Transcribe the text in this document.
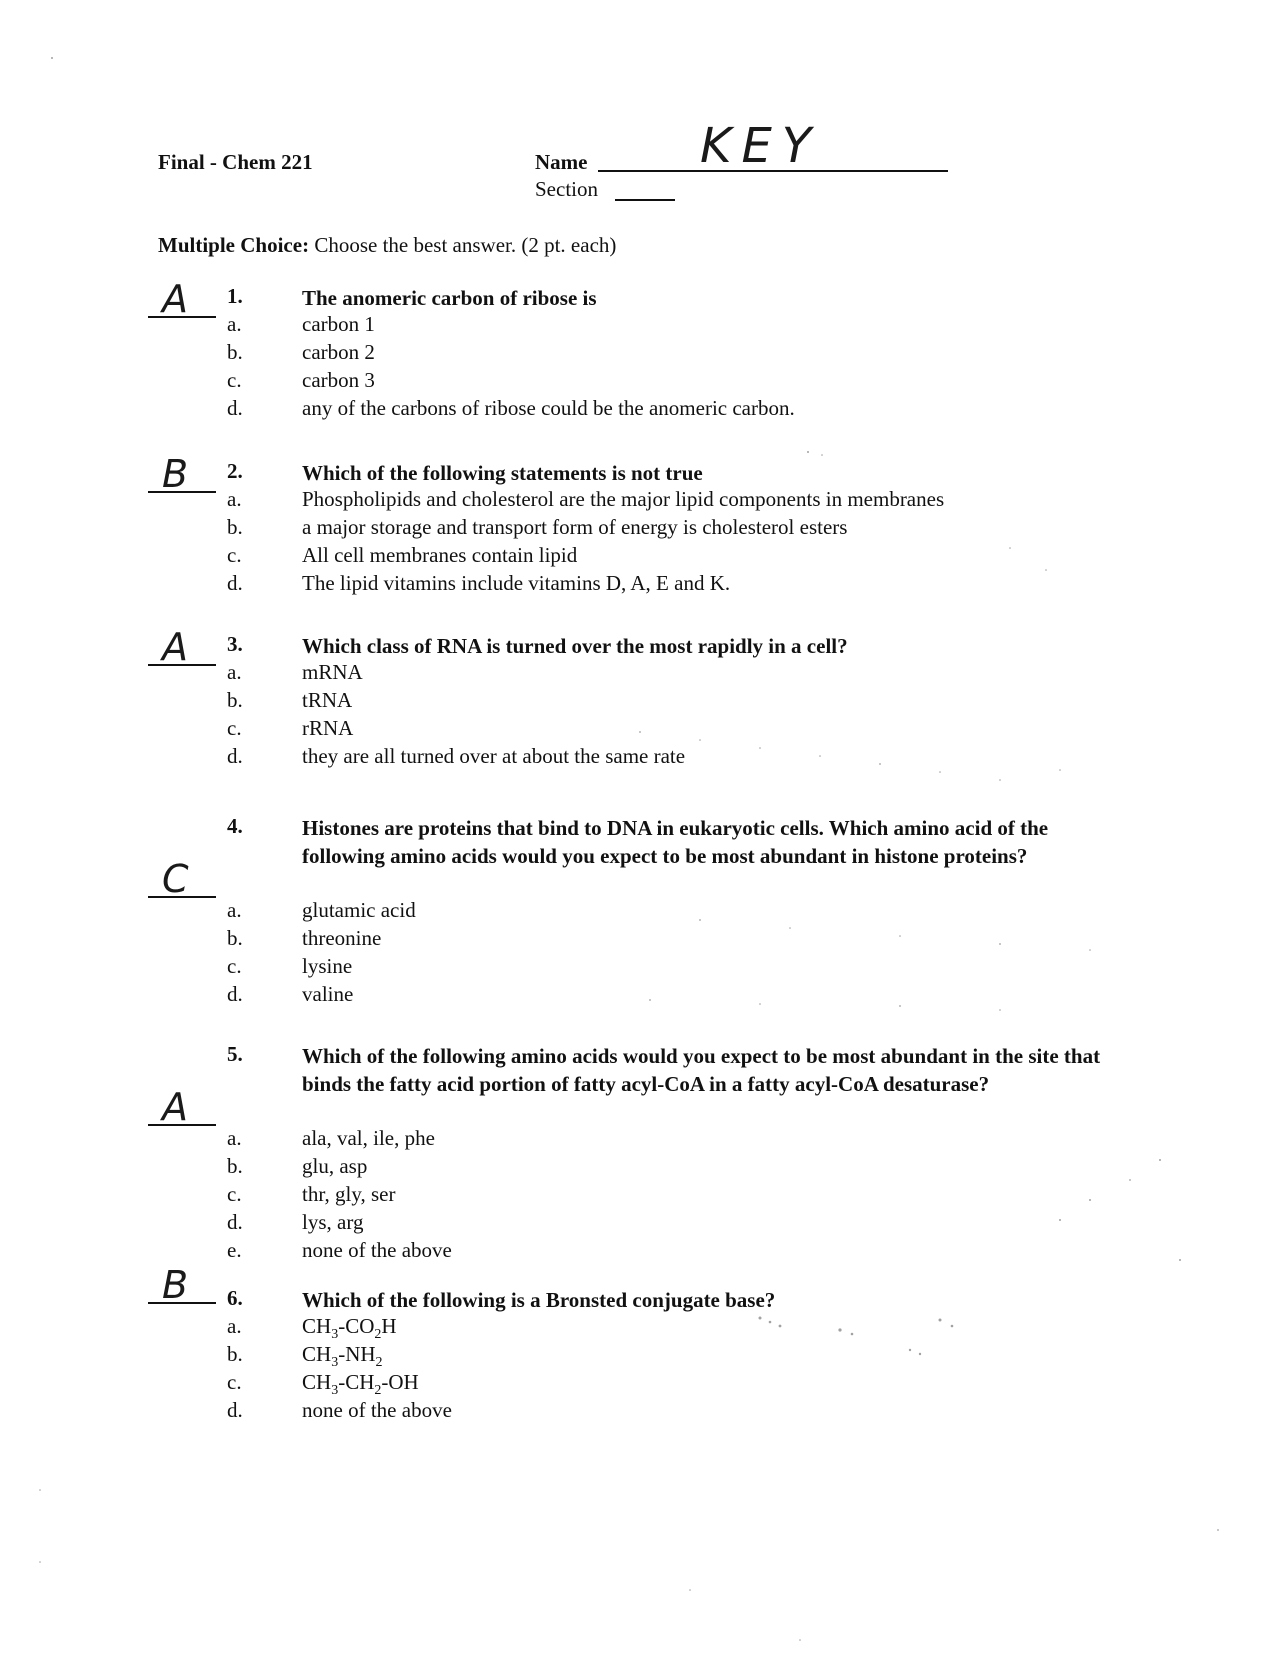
Final - Chem 221	Name KEY
Section
Multiple Choice: Choose the best answer. (2 pt. each)
A 1.	The anomeric carbon of ribose is
a.	carbon 1
b.	carbon 2
c.	carbon 3
d.	any of the carbons of ribose could be the anomeric carbon.
B 2.	Which of the following statements is not true
a.	Phospholipids and cholesterol are the major lipid components in membranes
b.	a major storage and transport form of energy is cholesterol esters
c.	All cell membranes contain lipid
d.	The lipid vitamins include vitamins D, A, E and K.
A 3.	Which class of RNA is turned over the most rapidly in a cell?
a.	mRNA
b.	tRNA
c.	rRNA
d.	they are all turned over at about the same rate
C
4.	Histones are proteins that bind to DNA in eukaryotic cells. Which amino acid of the following amino acids would you expect to be most abundant in histone proteins?
a.	glutamic acid
b.	threonine
c.	lysine
d.	valine
A
5.	Which of the following amino acids would you expect to be most abundant in the site that binds the fatty acid portion of fatty acyl-CoA in a fatty acyl-CoA desaturase?
a.	ala, val, ile, phe
b.	glu, asp
c.	thr, gly, ser
d.	lys, arg
e.	none of the above
B 6.	Which of the following is a Bronsted conjugate base?
a.	$CH_3-CO_2H$
b.	$CH_3-NH_2$
c.	$CH_3-CH_2-OH$
d.	none of the above
